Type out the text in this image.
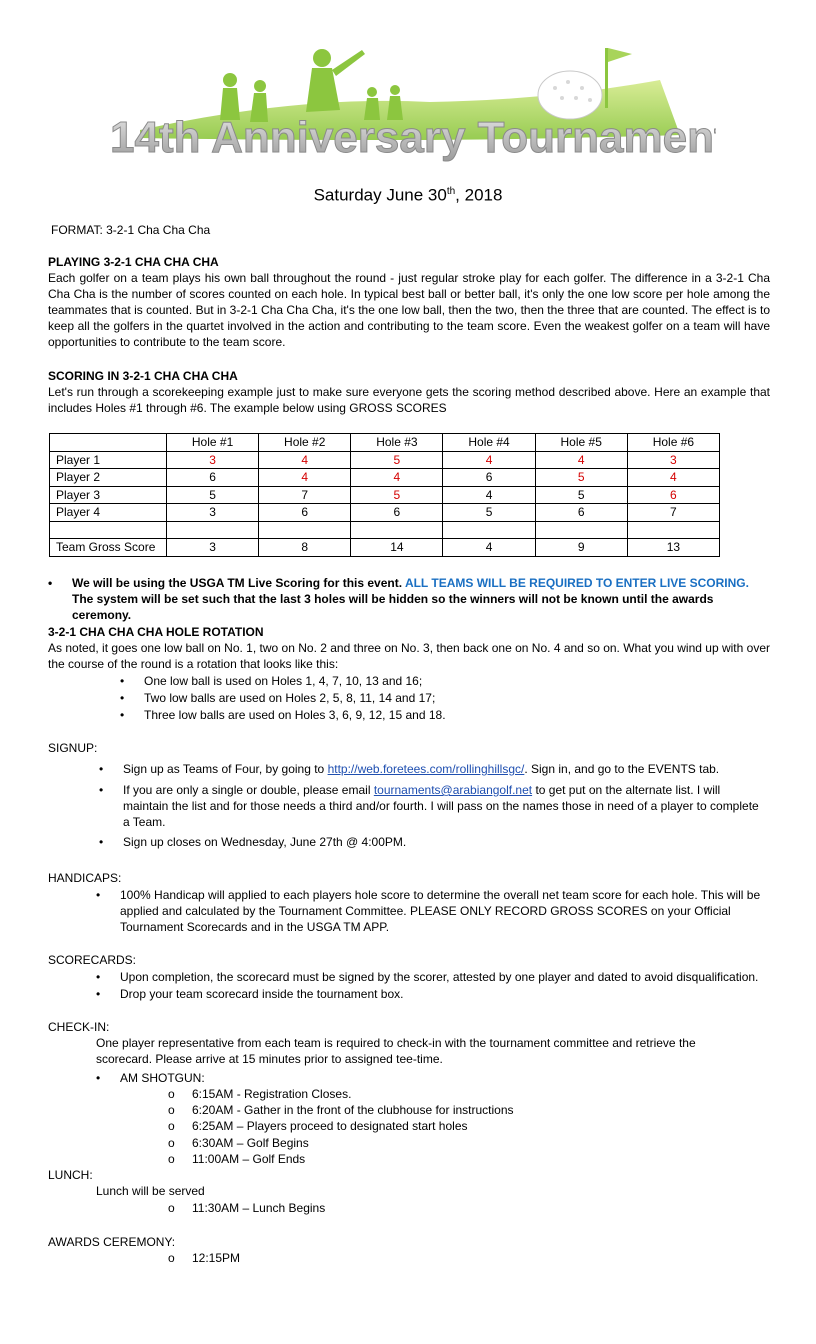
14th Anniversary Tournament
Saturday June 30th, 2018
FORMAT: 3-2-1 Cha Cha Cha
PLAYING 3-2-1 CHA CHA CHA

Each golfer on a team plays his own ball throughout the round - just regular stroke play for each golfer. The difference in a 3-2-1 Cha Cha Cha is the number of scores counted on each hole. In typical best ball or better ball, it's only the one low score per hole among the teammates that is counted. But in 3-2-1 Cha Cha Cha, it's the one low ball, then the two, then the three that are counted. The effect is to keep all the golfers in the quartet involved in the action and contributing to the team score. Even the weakest golfer on a team will have opportunities to contribute to the team score.

SCORING IN 3-2-1 CHA CHA CHA

Let's run through a scorekeeping example just to make sure everyone gets the scoring method described above. Here an example that includes Holes #1 through #6. The example below using GROSS SCORES

	Hole #1	Hole #2	Hole #3	Hole #4	Hole #5	Hole #6
Player 1	3	4	5	4	4	3
Player 2	6	4	4	6	5	4
Player 3	5	7	5	4	5	6
Player 4	3	6	6	5	6	7

Team Gross Score	3	8	14	4	9	13
• We will be using the USGA TM Live Scoring for this event. ALL TEAMS WILL BE REQUIRED TO ENTER LIVE SCORING. The system will be set such that the last 3 holes will be hidden so the winners will not be known until the awards ceremony.
3-2-1 CHA CHA CHA HOLE ROTATION

As noted, it goes one low ball on No. 1, two on No. 2 and three on No. 3, then back one on No. 4 and so on. What you wind up with over the course of the round is a rotation that looks like this:

• One low ball is used on Holes 1, 4, 7, 10, 13 and 16;
• Two low balls are used on Holes 2, 5, 8, 11, 14 and 17;
• Three low balls are used on Holes 3, 6, 9, 12, 15 and 18.
SIGNUP:
• Sign up as Teams of Four, by going to http://web.foretees.com/rollinghillsgc/. Sign in, and go to the EVENTS tab.
• If you are only a single or double, please email tournaments@arabiangolf.net to get put on the alternate list. I will maintain the list and for those needs a third and/or fourth. I will pass on the names those in need of a player to complete a Team.
• Sign up closes on Wednesday, June 27th @ 4:00PM.
HANDICAPS:
• 100% Handicap will applied to each players hole score to determine the overall net team score for each hole. This will be applied and calculated by the Tournament Committee. PLEASE ONLY RECORD GROSS SCORES on your Official Tournament Scorecards and in the USGA TM APP.
SCORECARDS:
• Upon completion, the scorecard must be signed by the scorer, attested by one player and dated to avoid disqualification.
• Drop your team scorecard inside the tournament box.
CHECK-IN:
One player representative from each team is required to check-in with the tournament committee and retrieve the scorecard. Please arrive at 15 minutes prior to assigned tee-time.
• AM SHOTGUN:
o 6:15AM - Registration Closes.
o 6:20AM - Gather in the front of the clubhouse for instructions
o 6:25AM – Players proceed to designated start holes
o 6:30AM – Golf Begins
o 11:00AM – Golf Ends
LUNCH:
Lunch will be served
o 11:30AM – Lunch Begins
AWARDS CEREMONY:
o 12:15PM
